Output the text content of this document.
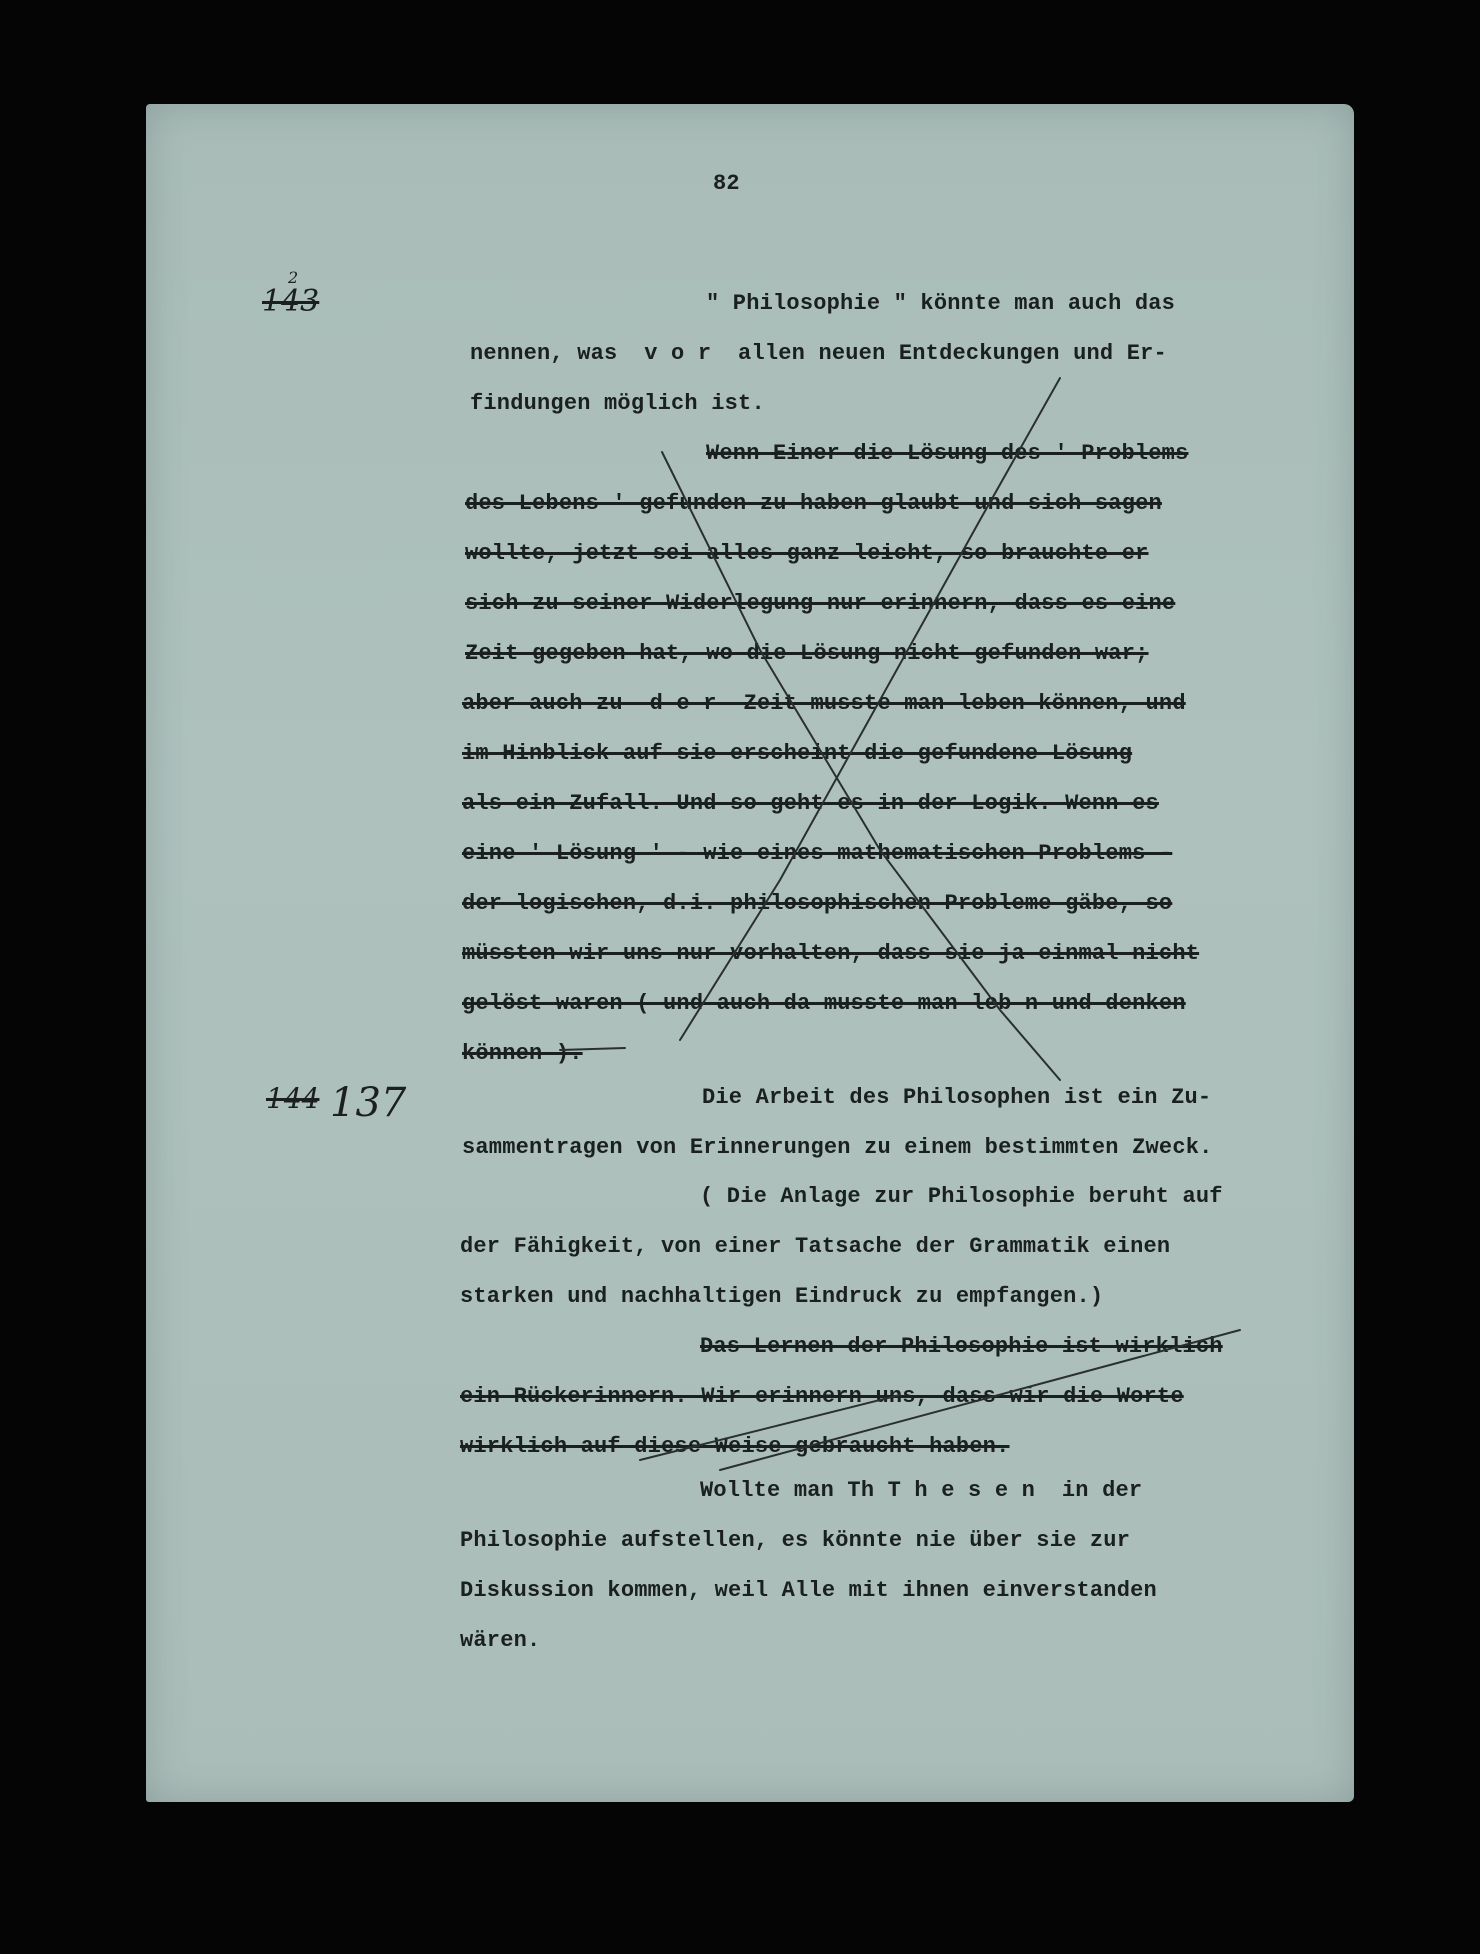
82
143
2
144 137
" Philosophie " könnte man auch das
nennen, was  v o r  allen neuen Entdeckungen und Er-
findungen möglich ist.
Wenn Einer die Lösung des ' Problems
des Lebens ' gefunden zu haben glaubt und sich sagen
wollte, jetzt sei alles ganz leicht, so brauchte er
sich zu seiner Widerlegung nur erinnern, dass es eine
Zeit gegeben hat, wo die Lösung nicht gefunden war;
aber auch zu  d e r  Zeit musste man leben können, und
im Hinblick auf sie erscheint die gefundene Lösung
als ein Zufall. Und so geht es in der Logik. Wenn es
eine ' Lösung ' - wie eines mathematischen Problems -
der logischen, d.i. philosophischen Probleme gäbe, so
müssten wir uns nur vorhalten, dass sie ja einmal nicht
gelöst waren ( und auch da musste man leb n und denken
können ).
Die Arbeit des Philosophen ist ein Zu-
sammentragen von Erinnerungen zu einem bestimmten Zweck.
( Die Anlage zur Philosophie beruht auf
der Fähigkeit, von einer Tatsache der Grammatik einen
starken und nachhaltigen Eindruck zu empfangen.)
Das Lernen der Philosophie ist wirklich
ein Rückerinnern. Wir erinnern uns, dass wir die Worte
wirklich auf diese Weise gebraucht haben.
Wollte man Th T h e s e n  in der
Philosophie aufstellen, es könnte nie über sie zur
Diskussion kommen, weil Alle mit ihnen einverstanden
wären.
